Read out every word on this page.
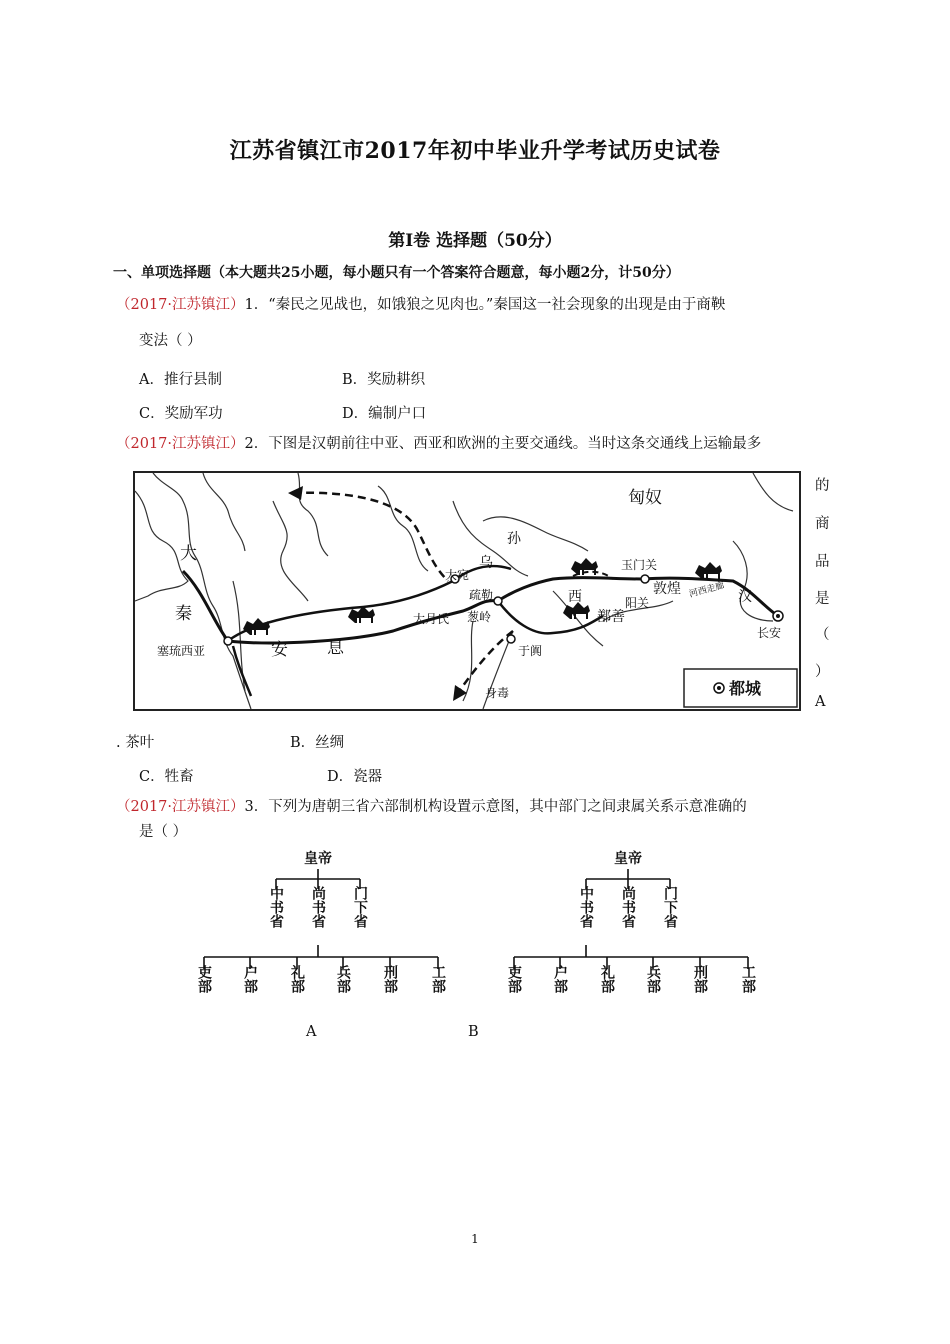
江苏省镇江市2017年初中毕业升学考试历史试卷
第I卷 选择题（50分）
一、单项选择题（本大题共25小题，每小题只有一个答案符合题意，每小题2分，计50分）
（2017·江苏镇江）1．“秦民之见战也，如饿狼之见肉也。”秦国这一社会现象的出现是由于商鞅
变法（ ）
A．推行县制	B．奖励耕织
C．奖励军功	D．编制户口
（2017·江苏镇江）2．下图是汉朝前往中亚、西亚和欧洲的主要交通线。当时这条交通线上运输最多
的
商
品
是
（
）
A
匈奴
孙
乌
大宛
疏勒
大
秦
西
玉门关
敦煌 河西走廊 汉
阳关
鄯善
大月氏 葱岭
于阗
长安
塞琉西亚	安 息
身毒	都城
. 茶叶	B．丝绸
C．牲畜	D．瓷器
（2017·江苏镇江）3．下列为唐朝三省六部制机构设置示意图，其中部门之间隶属关系示意准确的
是（ ）
皇帝
中书省 尚书省 门下省
吏部 户部 礼部 兵部 刑部 工部
皇帝
中书省 尚书省 门下省
吏部 户部 礼部 兵部 刑部 工部
A	B
1
